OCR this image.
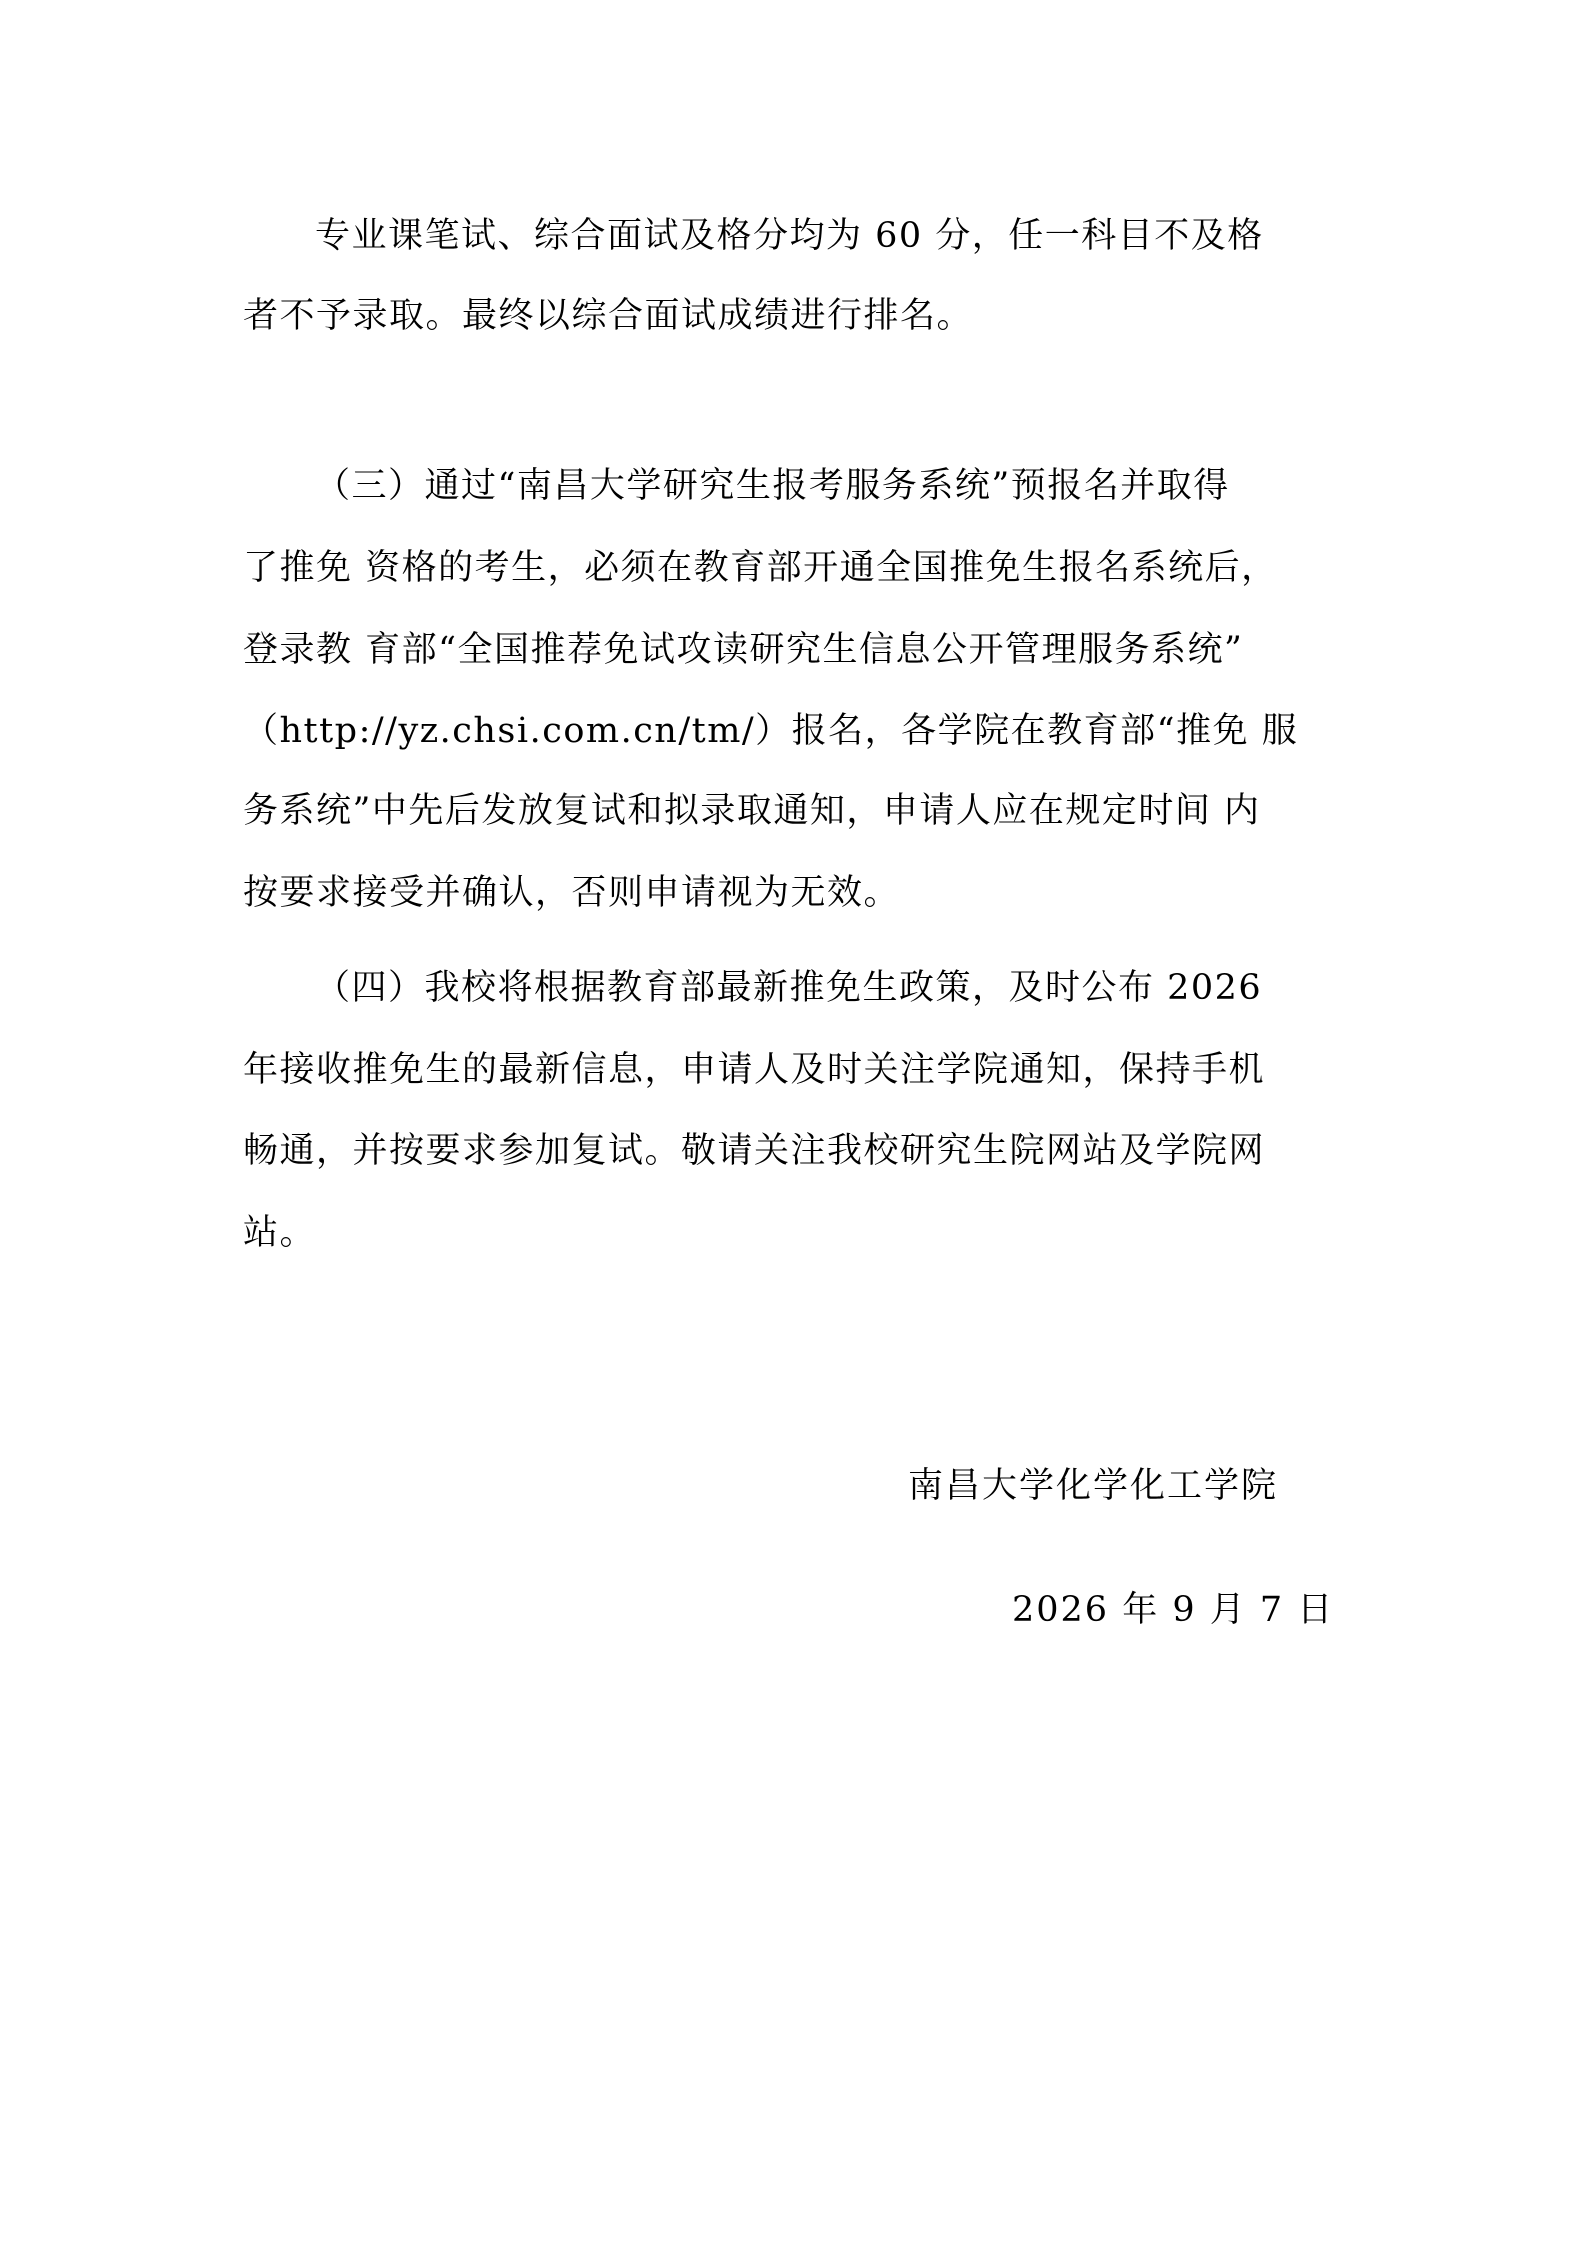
专业课笔试、综合面试及格分均为 60 分，任一科目不及格
者不予录取。最终以综合面试成绩进行排名。
（三）通过“南昌大学研究生报考服务系统”预报名并取得
了推免 资格的考生，必须在教育部开通全国推免生报名系统后，
登录教 育部“全国推荐免试攻读研究生信息公开管理服务系统”
（http://yz.chsi.com.cn/tm/）报名，各学院在教育部“推免 服
务系统”中先后发放复试和拟录取通知，申请人应在规定时间 内
按要求接受并确认，否则申请视为无效。
（四）我校将根据教育部最新推免生政策，及时公布 2026
年接收推免生的最新信息，申请人及时关注学院通知，保持手机
畅通，并按要求参加复试。敬请关注我校研究生院网站及学院网
站。
南昌大学化学化工学院
2026 年 9 月 7 日
